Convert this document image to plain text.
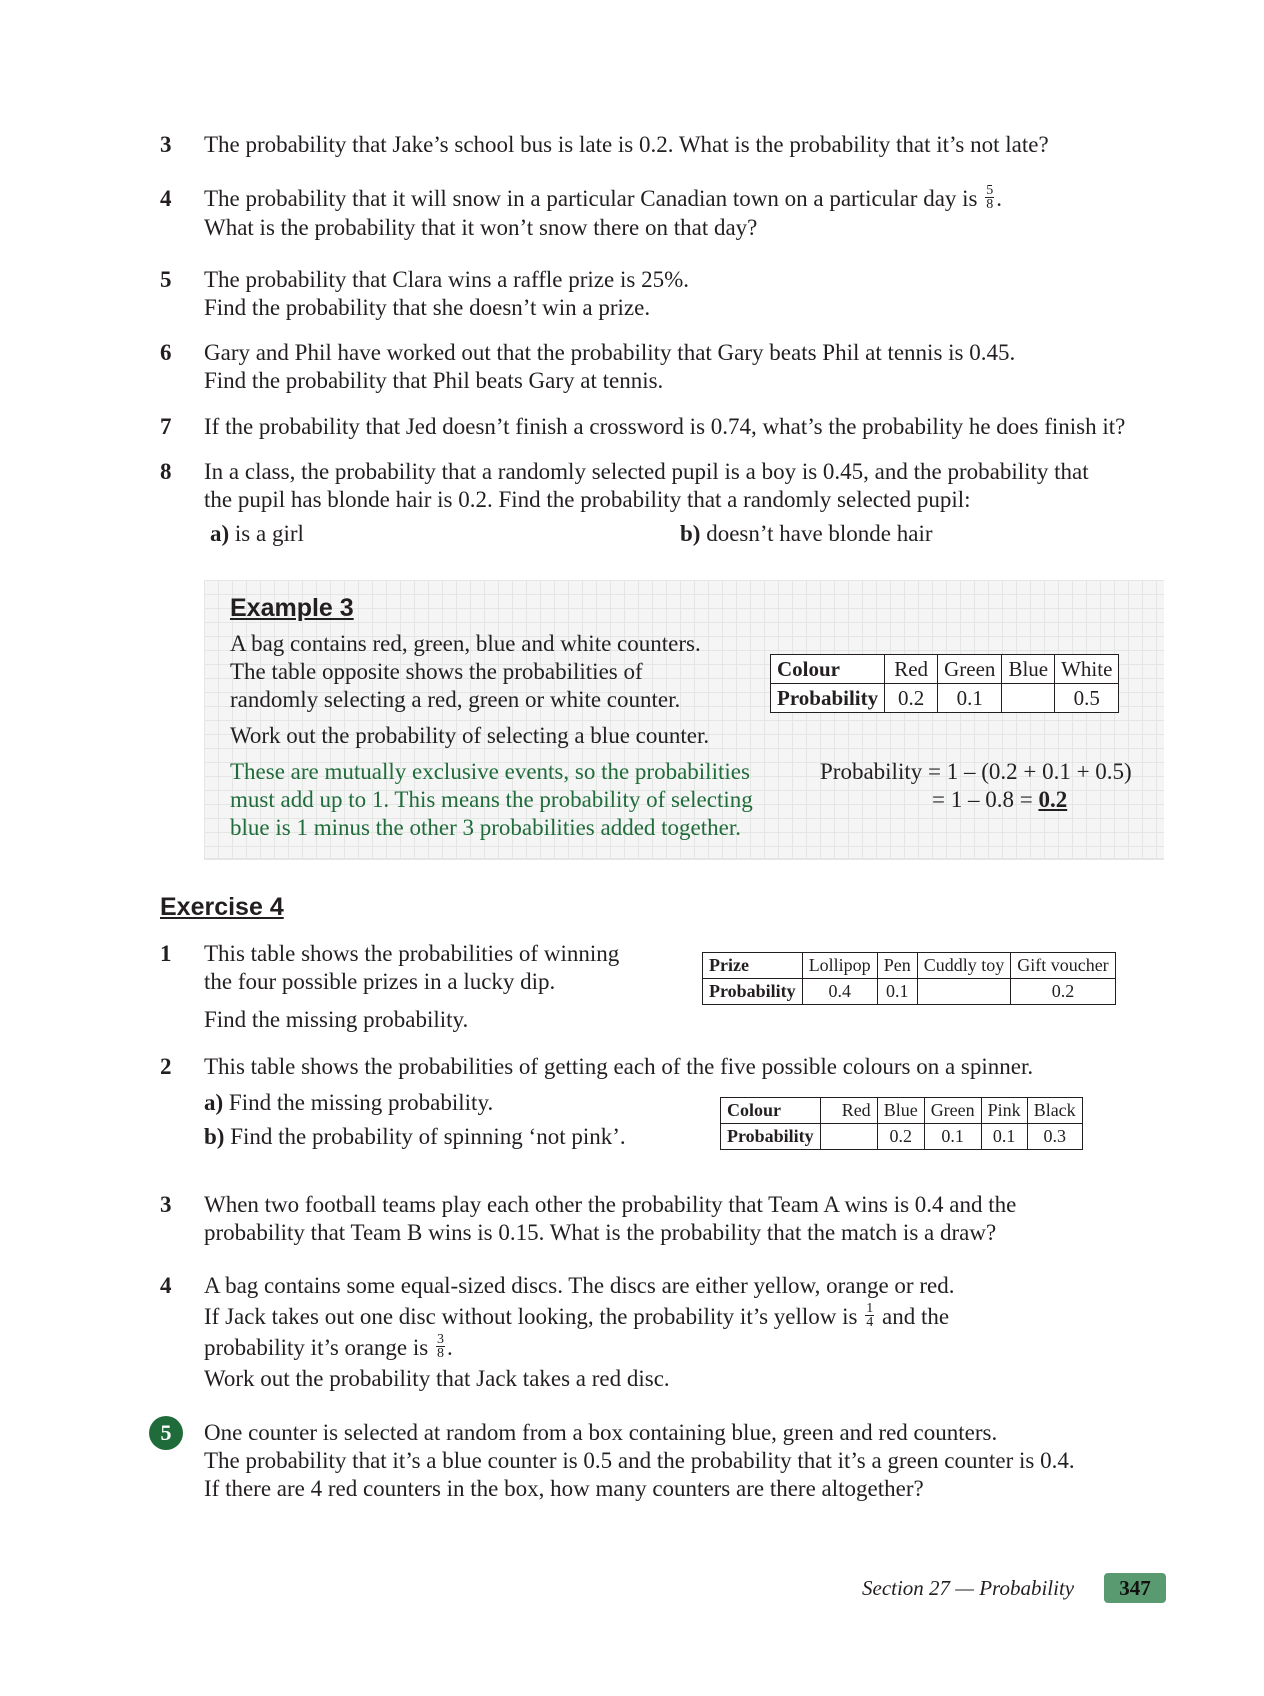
3	The probability that Jake’s school bus is late is 0.2. What is the probability that it’s not late?
4	The probability that it will snow in a particular Canadian town on a particular day is $\frac{5}{8}$ .
What is the probability that it won’t snow there on that day?
5	The probability that Clara wins a raffle prize is 25%.
Find the probability that she doesn’t win a prize.
6	Gary and Phil have worked out that the probability that Gary beats Phil at tennis is 0.45.
Find the probability that Phil beats Gary at tennis.
7	If the probability that Jed doesn’t finish a crossword is 0.74, what’s the probability he does finish it?
8	In a class, the probability that a randomly selected pupil is a boy is 0.45, and the probability that
the pupil has blonde hair is 0.2. Find the probability that a randomly selected pupil:
a) is a girl	b) doesn’t have blonde hair
Example 3
A bag contains red, green, blue and white counters.
The table opposite shows the probabilities of
randomly selecting a red, green or white counter.
Work out the probability of selecting a blue counter.
These are mutually exclusive events, so the probabilities
must add up to 1. This means the probability of selecting
blue is 1 minus the other 3 probabilities added together.
Probability = 1 – (0.2 + 0.1 + 0.5)
= 1 – 0.8 = 0.2
Colour	Red	Green	Blue	White
Probability	0.2	0.1		0.5
Exercise 4
1	This table shows the probabilities of winning
the four possible prizes in a lucky dip.
Find the missing probability.
Prize	Lollipop	Pen	Cuddly toy	Gift voucher
Probability	0.4	0.1		0.2
2	This table shows the probabilities of getting each of the five possible colours on a spinner.
a) Find the missing probability.
b) Find the probability of spinning ‘not pink’.
Colour	Red	Blue	Green	Pink	Black
Probability		0.2	0.1	0.1	0.3
3	When two football teams play each other the probability that Team A wins is 0.4 and the
probability that Team B wins is 0.15. What is the probability that the match is a draw?
4	A bag contains some equal-sized discs. The discs are either yellow, orange or red.
If Jack takes out one disc without looking, the probability it’s yellow is $\frac{1}{4}$ and the
probability it’s orange is $\frac{3}{8}$ .
Work out the probability that Jack takes a red disc.
5	One counter is selected at random from a box containing blue, green and red counters.
The probability that it’s a blue counter is 0.5 and the probability that it’s a green counter is 0.4.
If there are 4 red counters in the box, how many counters are there altogether?
Section 27 — Probability	347
